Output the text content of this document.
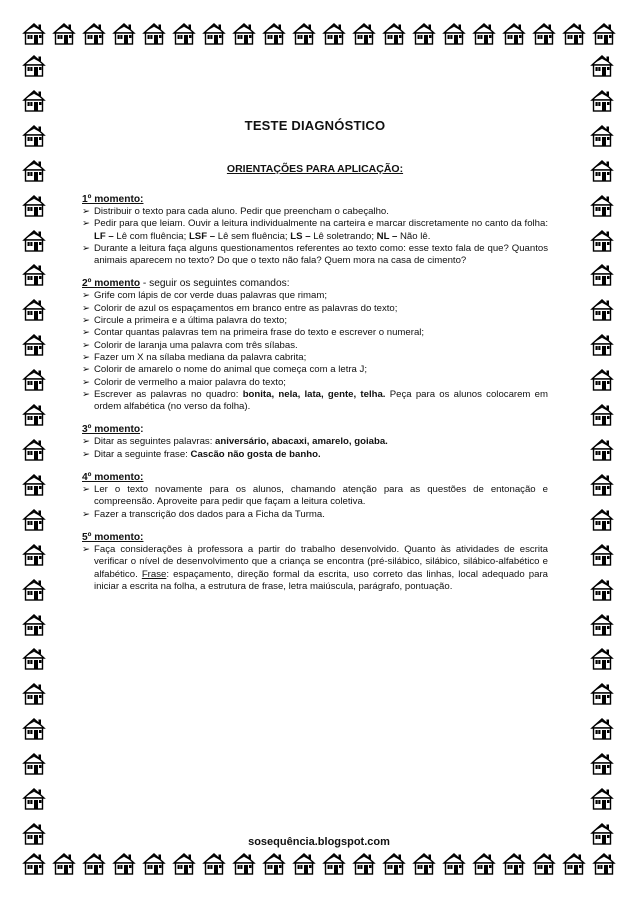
TESTE DIAGNÓSTICO
ORIENTAÇÕES PARA APLICAÇÃO:
1º momento:

➢ Distribuir o texto para cada aluno. Pedir que preencham o cabeçalho.

➢ Pedir para que leiam. Ouvir a leitura individualmente na carteira e marcar discretamente no canto da folha: LF – Lê com fluência; LSF – Lê sem fluência; LS – Lê soletrando; NL – Não lê.

➢ Durante a leitura faça alguns questionamentos referentes ao texto como: esse texto fala de que? Quantos animais aparecem no texto? Do que o texto não fala? Quem mora na casa de cimento?

2º momento - seguir os seguintes comandos:

➢ Grife com lápis de cor verde duas palavras que rimam;

➢ Colorir de azul os espaçamentos em branco entre as palavras do texto;

➢ Circule a primeira e a última palavra do texto;

➢ Contar quantas palavras tem na primeira frase do texto e escrever o numeral;

➢ Colorir de laranja uma palavra com três sílabas.

➢ Fazer um X na sílaba mediana da palavra cabrita;

➢ Colorir de amarelo o nome do animal que começa com a letra J;

➢ Colorir de vermelho a maior palavra do texto;

➢ Escrever as palavras no quadro: bonita, nela, lata, gente, telha. Peça para os alunos colocarem em ordem alfabética (no verso da folha).

3º momento:

➢ Ditar as seguintes palavras: aniversário, abacaxi, amarelo, goiaba.

➢ Ditar a seguinte frase: Cascão não gosta de banho.

4º momento:

➢ Ler o texto novamente para os alunos, chamando atenção para as questões de entonação e compreensão. Aproveite para pedir que façam a leitura coletiva.

➢ Fazer a transcrição dos dados para a Ficha da Turma.

5º momento:

➢ Faça considerações à professora a partir do trabalho desenvolvido. Quanto às atividades de escrita verificar o nível de desenvolvimento que a criança se encontra (pré-silábico, silábico, silábico-alfabético e alfabético. Frase: espaçamento, direção formal da escrita, uso correto das linhas, local adequado para iniciar a escrita na folha, a estrutura de frase, letra maiúscula, parágrafo, pontuação.

sosequência.blogspot.com
